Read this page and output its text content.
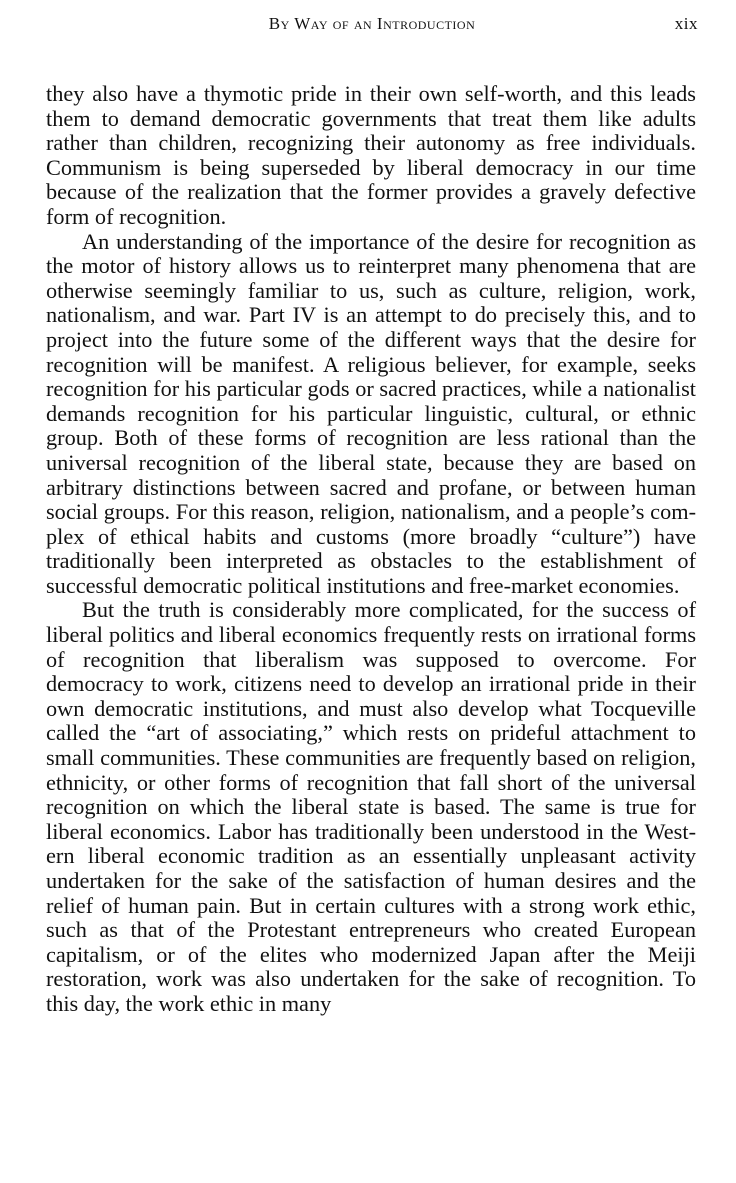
By Way of an Introduction	xix

they also have a thymotic pride in their own self-worth, and this leads them to demand democratic governments that treat them like adults rather than children, recognizing their autonomy as free individuals. Communism is being superseded by liberal democracy in our time because of the realization that the former provides a gravely defective form of recognition.

An understanding of the importance of the desire for recognition as the motor of history allows us to reinterpret many phenomena that are otherwise seemingly familiar to us, such as culture, religion, work, nationalism, and war. Part IV is an attempt to do precisely this, and to project into the future some of the different ways that the desire for recognition will be manifest. A religious believer, for example, seeks recognition for his particular gods or sacred practices, while a nationalist demands recognition for his particular linguistic, cultural, or ethnic group. Both of these forms of recognition are less rational than the universal recognition of the liberal state, because they are based on arbitrary distinctions between sacred and profane, or between human social groups. For this reason, religion, nationalism, and a people’s complex of ethical habits and customs (more broadly “culture”) have traditionally been interpreted as obstacles to the establishment of successful democratic political institutions and free-market economies.

But the truth is considerably more complicated, for the success of liberal politics and liberal economics frequently rests on irrational forms of recognition that liberalism was supposed to overcome. For democracy to work, citizens need to develop an irrational pride in their own democratic institutions, and must also develop what Tocqueville called the “art of associating,” which rests on prideful attachment to small communities. These communities are frequently based on religion, ethnicity, or other forms of recognition that fall short of the universal recognition on which the liberal state is based. The same is true for liberal economics. Labor has traditionally been understood in the Western liberal economic tradition as an essentially unpleasant activity undertaken for the sake of the satisfaction of human desires and the relief of human pain. But in certain cultures with a strong work ethic, such as that of the Protestant entrepreneurs who created European capitalism, or of the elites who modernized Japan after the Meiji restoration, work was also undertaken for the sake of recognition. To this day, the work ethic in many
